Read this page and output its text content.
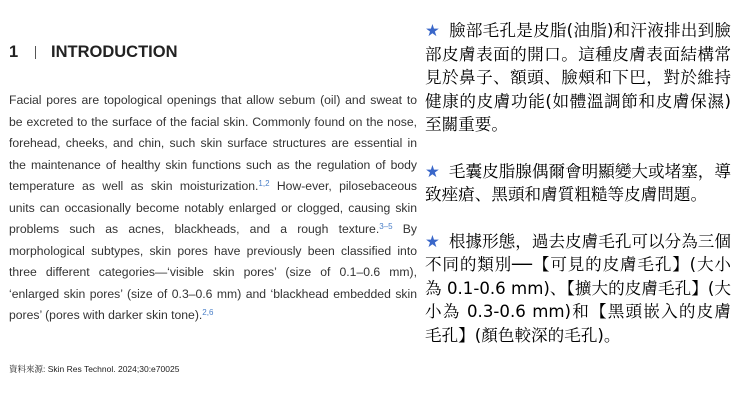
1	INTRODUCTION
Facial pores are topological openings that allow sebum (oil) and sweat to be excreted to the surface of the facial skin. Commonly found on the nose, forehead, cheeks, and chin, such skin surface structures are essential in the maintenance of healthy skin functions such as the regulation of body temperature as well as skin moisturization.$^{1,2}$ How-ever, pilosebaceous units can occasionally become notably enlarged or clogged, causing skin problems such as acnes, blackheads, and a rough texture.$^{3-5}$ By morphological subtypes, skin pores have previously been classified into three different categories—‘visible skin pores’ (size of 0.1–0.6 mm), ‘enlarged skin pores’ (size of 0.3–0.6 mm) and ‘blackhead embedded skin pores’ (pores with darker skin tone).$^{2,6}$
資料來源: Skin Res Technol. 2024;30:e70025

★ 臉部毛孔是皮脂(油脂)和汗液排出到臉部皮膚表面的開口。這種皮膚表面結構常見於鼻子、額頭、臉頰和下巴，對於維持健康的皮膚功能(如體溫調節和皮膚保濕)至關重要。

★ 毛囊皮脂腺偶爾會明顯變大或堵塞，導致痤瘡、黑頭和膚質粗糙等皮膚問題。

★ 根據形態，過去皮膚毛孔可以分為三個不同的類別──【可見的皮膚毛孔】(大小為 0.1-0.6 mm)、【擴大的皮膚毛孔】(大小為 0.3-0.6 mm)和【黑頭嵌入的皮膚毛孔】(顏色較深的毛孔)。
